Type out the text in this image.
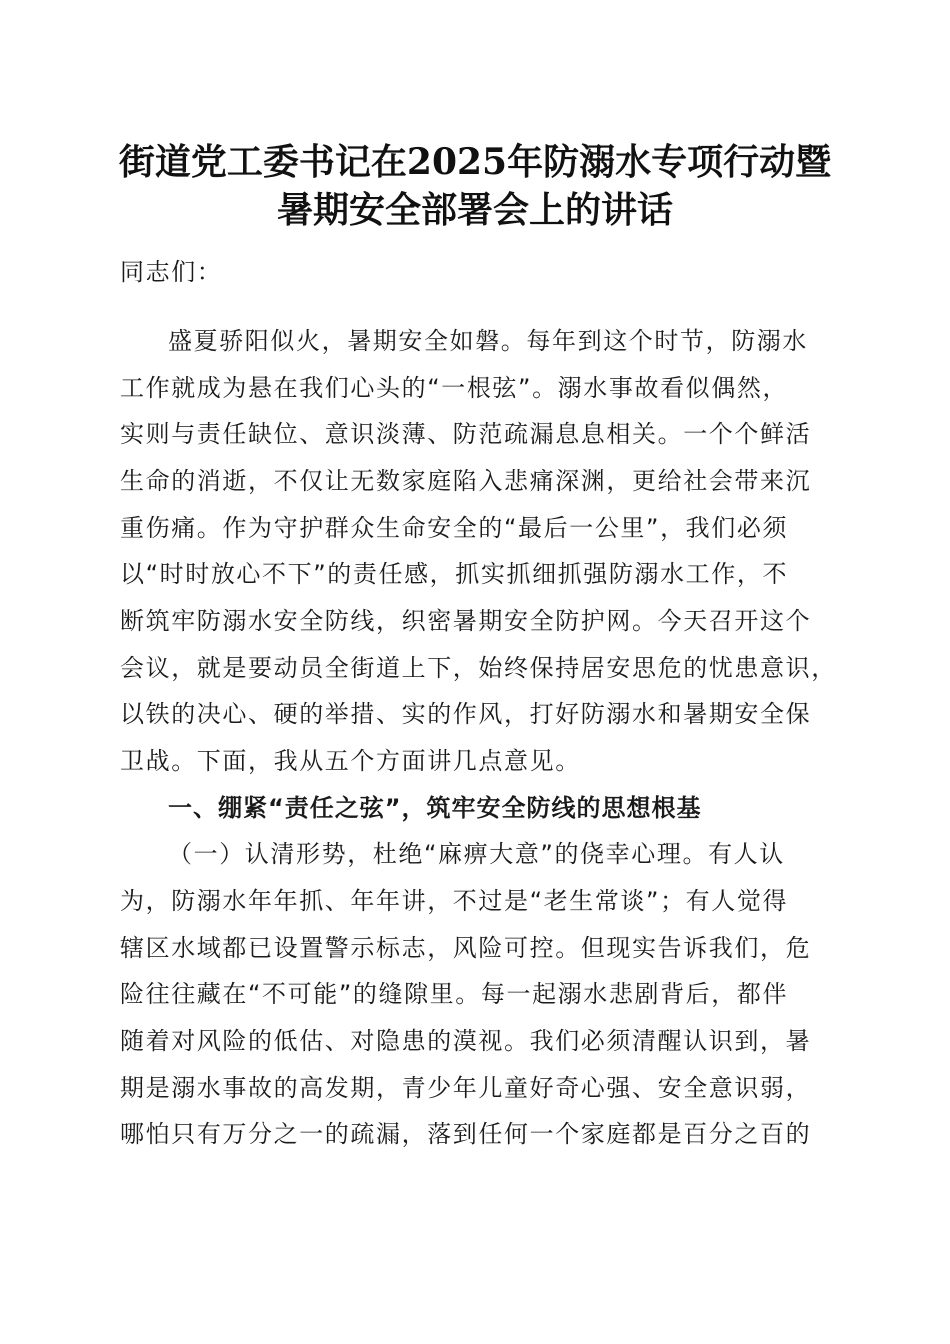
街道党工委书记在2025年防溺水专项行动暨
暑期安全部署会上的讲话
同志们：
盛夏骄阳似火，暑期安全如磐。每年到这个时节，防溺水
工作就成为悬在我们心头的“一根弦”。溺水事故看似偶然，
实则与责任缺位、意识淡薄、防范疏漏息息相关。一个个鲜活
生命的消逝，不仅让无数家庭陷入悲痛深渊，更给社会带来沉
重伤痛。作为守护群众生命安全的“最后一公里”，我们必须
以“时时放心不下”的责任感，抓实抓细抓强防溺水工作，不
断筑牢防溺水安全防线，织密暑期安全防护网。今天召开这个
会议，就是要动员全街道上下，始终保持居安思危的忧患意识，
以铁的决心、硬的举措、实的作风，打好防溺水和暑期安全保
卫战。下面，我从五个方面讲几点意见。
一、绷紧“责任之弦”，筑牢安全防线的思想根基
（一）认清形势，杜绝“麻痹大意”的侥幸心理。有人认
为，防溺水年年抓、年年讲，不过是“老生常谈”；有人觉得
辖区水域都已设置警示标志，风险可控。但现实告诉我们，危
险往往藏在“不可能”的缝隙里。每一起溺水悲剧背后，都伴
随着对风险的低估、对隐患的漠视。我们必须清醒认识到，暑
期是溺水事故的高发期，青少年儿童好奇心强、安全意识弱，
哪怕只有万分之一的疏漏，落到任何一个家庭都是百分之百的
